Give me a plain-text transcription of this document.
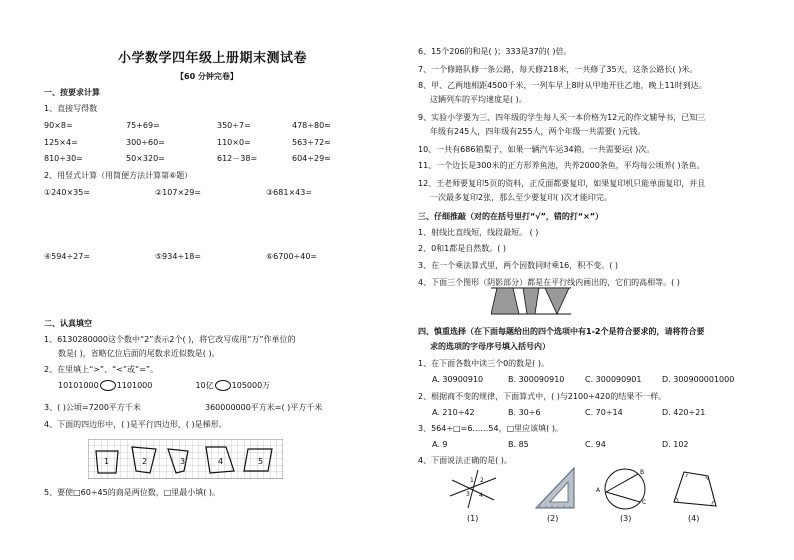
小学数学四年级上册期末测试卷
【60 分钟完卷】
一、按要求计算
1、直接写得数
90×8=	75+69=	350÷7=	478÷80≈
125×4=	300÷60=	110×0=	563÷72≈
810÷30=	50×320=	612－38=	604÷29≈
2、用竖式计算（用简便方法计算第⑥题）
①240×35=	②107×29=	③681×43=
④594÷27=	⑤934÷18=	⑥6700÷40=
二、认真填空
1、6130280000这个数中“2”表示2个( )，将它改写成用“万”作单位的
数是( )，省略亿位后面的尾数求近似数是( )。
2、在里填上“>”、“<”或“=”。
10101000 1101000	10亿 105000万
3、( )公顷=7200平方千米	360000000平方米=( )平方千米
4、下面的四边形中，( )是平行四边形，( )是梯形。
1	2	3	4	5
5、要使□60÷45的商是两位数，□里最小填( )。
6、15个206的和是( )；333是37的( )倍。
7、一个修路队修一条公路，每天修218米，一共修了35天，这条公路长( )米。
8、甲、乙两地相距4500千米，一列车早上8时从甲地开往乙地，晚上11时到达。
这辆列车的平均速度是( )。
9、实验小学要为三、四年级的学生每人买一本价格为12元的作文辅导书，已知三
年级有245人，四年级有255人，两个年级一共需要( )元钱。
10、一共有686箱梨子，如果一辆汽车运34箱，一共需要运( )次。
11、一个边长是300米的正方形养鱼池，共养2000条鱼，平均每公顷养( )条鱼。
12、王老师要复印5页的资料，正反面都要复印，如果复印机只能单面复印，并且
一次最多复印2张，那么至少要复印( )次才能印完。
三、仔细推敲（对的在括号里打“√”，错的打“×”）
1、射线比直线短，线段最短。 ( )
2、0和1都是自然数。( )
3、在一个乘法算式里，两个因数同时乘16，积不变。( )
4、下面三个图形（阴影部分）都是在平行线内画出的，它们的高相等。( )
四、慎重选择（在下面每题给出的四个选项中有1-2个是符合要求的，请将符合要
求的选项的字母序号填入括号内）
1、在下面各数中读三个0的数是( )。
A. 30900910	B. 300090910	C. 300090901	D. 300900001000
2、根据商不变的规律，下面算式中，( )与2100÷420的结果不一样。
A. 210÷42	B. 30÷6	C. 70÷14	D. 420÷21
3、564÷□=6……54，□里应该填( )。
A. 9	B. 85	C. 94	D. 102
4、下面说法正确的是( )。
1 2
3 4
A
B
C
(1)	(2)	(3)	(4)
